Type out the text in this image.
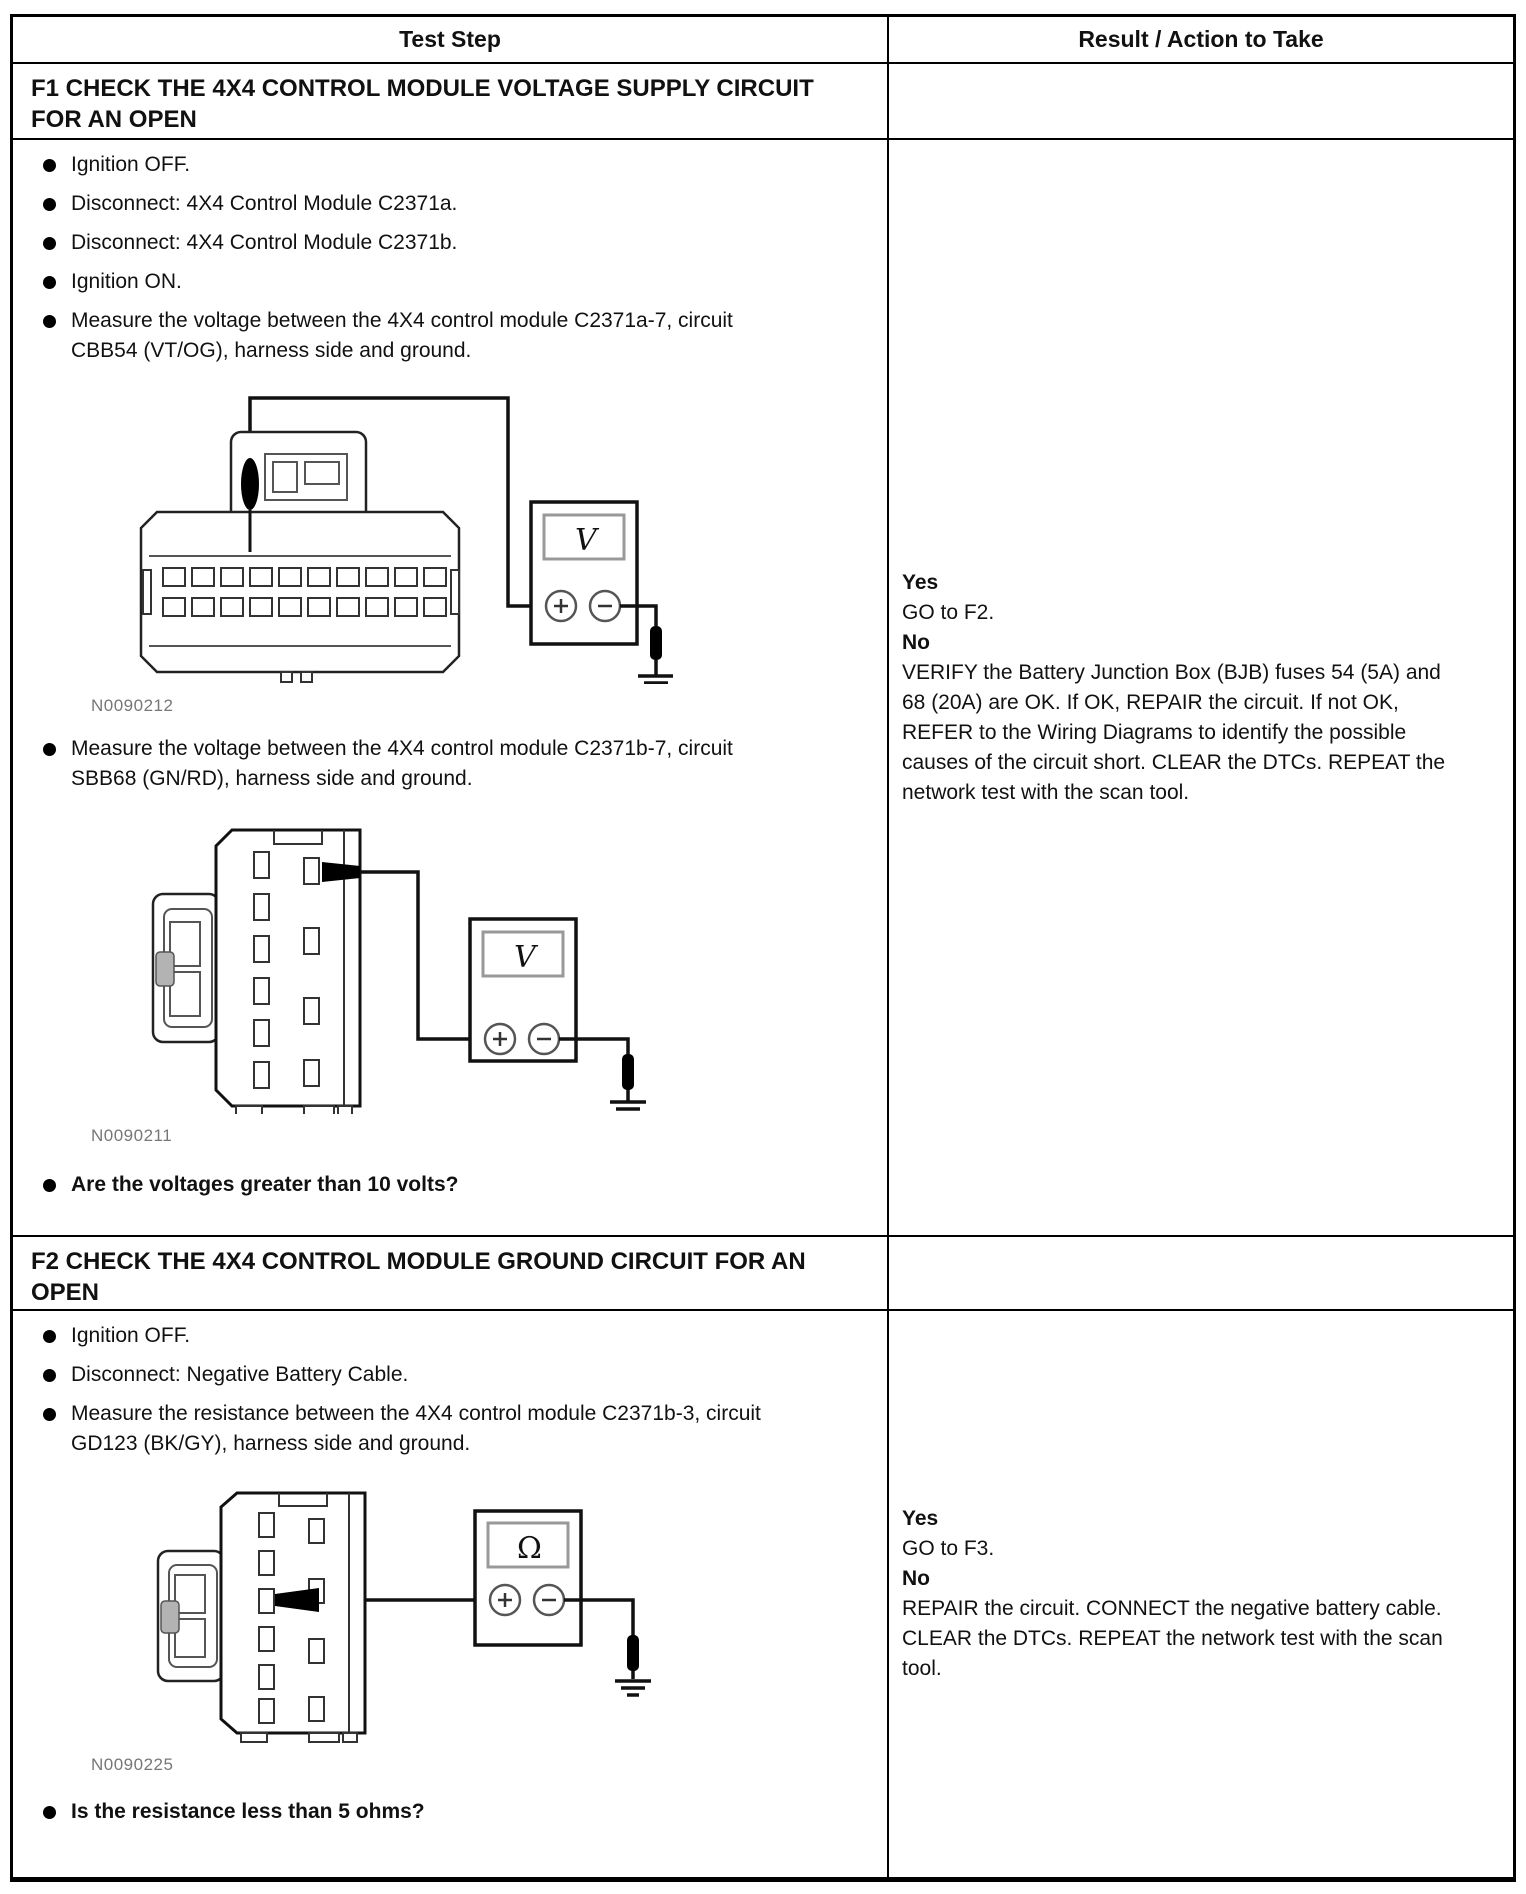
Test Step	Result / Action to Take
F1 CHECK THE 4X4 CONTROL MODULE VOLTAGE SUPPLY CIRCUIT FOR AN OPEN
Ignition OFF.
Disconnect: 4X4 Control Module C2371a.
Disconnect: 4X4 Control Module C2371b.
Ignition ON.
Measure the voltage between the 4X4 control module C2371a-7, circuit CBB54 (VT/OG), harness side and ground.
V
N0090212
Measure the voltage between the 4X4 control module C2371b-7, circuit SBB68 (GN/RD), harness side and ground.
V
N0090211
Are the voltages greater than 10 volts?
Yes
GO to F2.
No
VERIFY the Battery Junction Box (BJB) fuses 54 (5A) and 68 (20A) are OK. If OK, REPAIR the circuit. If not OK, REFER to the Wiring Diagrams to identify the possible causes of the circuit short. CLEAR the DTCs. REPEAT the network test with the scan tool.
F2 CHECK THE 4X4 CONTROL MODULE GROUND CIRCUIT FOR AN OPEN
Ignition OFF.
Disconnect: Negative Battery Cable.
Measure the resistance between the 4X4 control module C2371b-3, circuit GD123 (BK/GY), harness side and ground.
Ω
N0090225
Is the resistance less than 5 ohms?
Yes
GO to F3.
No
REPAIR the circuit. CONNECT the negative battery cable. CLEAR the DTCs. REPEAT the network test with the scan tool.
